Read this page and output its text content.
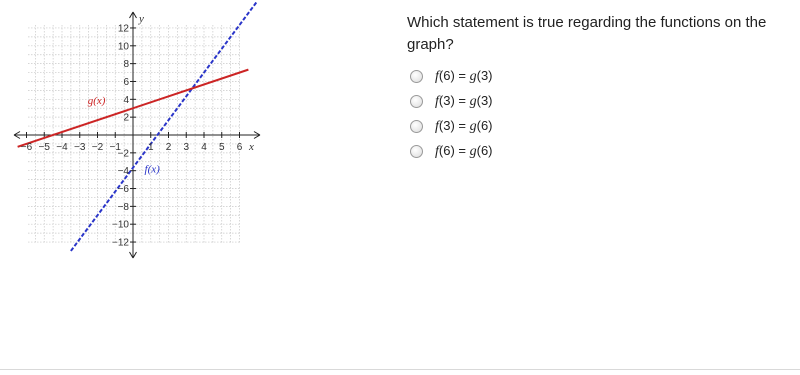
−6 −5 −4 −3 −2 −1	1 2 3 4 5 6
12
10
8
6
4
2
−2
−4
−6
−8
−10
−12
x
y
f(x)
g(x)
Which statement is true regarding the functions on the graph?
f(6) = g(3)
f(3) = g(3)
f(3) = g(6)
f(6) = g(6)
